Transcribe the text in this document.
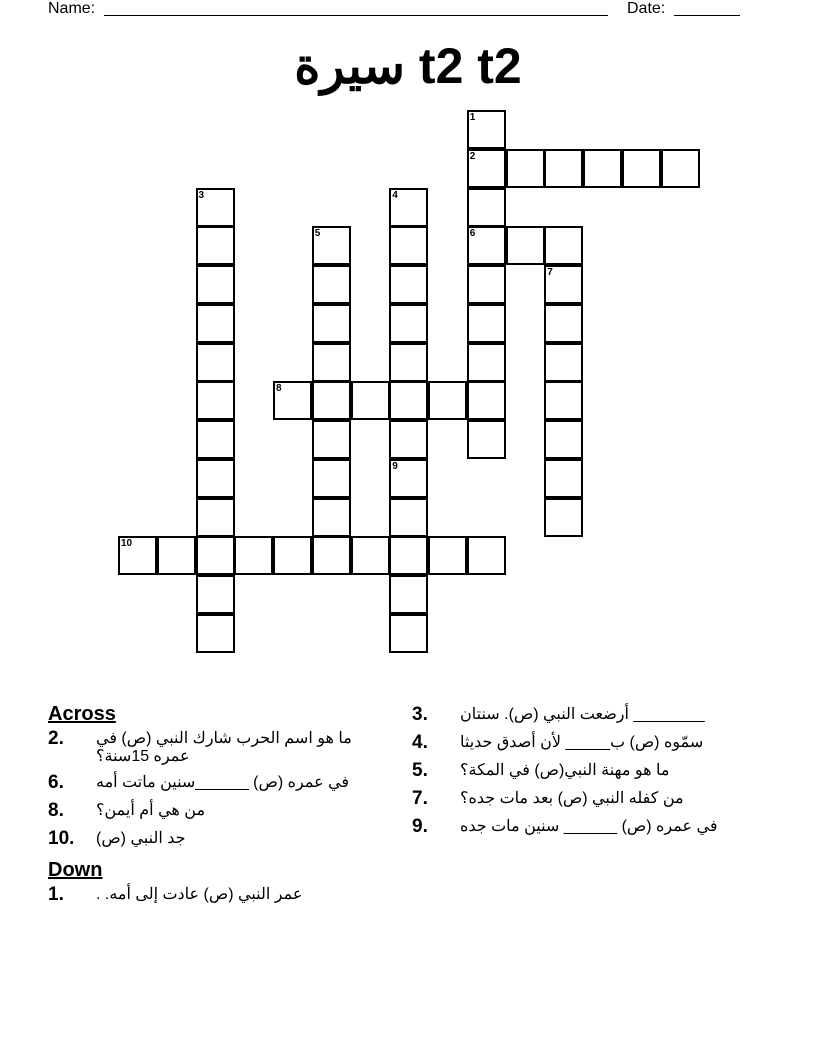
Name:	Date:
سيرة t2 t2
2
6
8
10
1
3	4
9
5
7
Across
2.	ما هو اسم الحرب شارك النبي (ص) في عمره 15سنة؟
6.	في عمره (ص) ______سنين ماتت أمه
8.	من هي أم أيمن؟
10.	جد النبي (ص)
Down
1.	عمر النبي (ص) عادت إلى أمه. .
3.	________ أرضعت النبي (ص). سنتان
4.	سمّوه (ص) ب_____ لأن أصدق حديثا
5.	ما هو مهنة النبي(ص) في المكة؟
7.	من كفله النبي (ص) بعد مات جده؟
9.	في عمره (ص) ______ سنين مات جده
